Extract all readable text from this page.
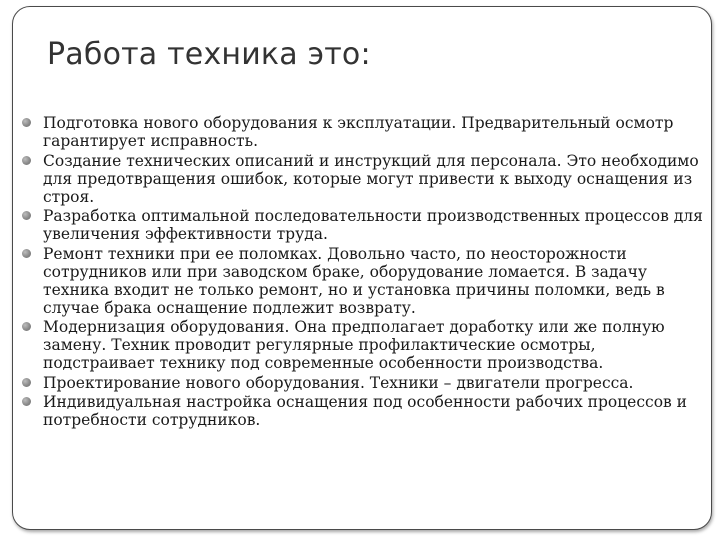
Работа техника это:
Подготовка нового оборудования к эксплуатации. Предварительный осмотр гарантирует исправность.
Создание технических описаний и инструкций для персонала. Это необходимо для предотвращения ошибок, которые могут привести к выходу оснащения из строя.
Разработка оптимальной последовательности производственных процессов для увеличения эффективности труда.
Ремонт техники при ее поломках. Довольно часто, по неосторожности сотрудников или при заводском браке, оборудование ломается. В задачу техника входит не только ремонт, но и установка причины поломки, ведь в случае брака оснащение подлежит возврату.
Модернизация оборудования. Она предполагает доработку или же полную замену. Техник проводит регулярные профилактические осмотры, подстраивает технику под современные особенности производства.
Проектирование нового оборудования. Техники – двигатели прогресса.
Индивидуальная настройка оснащения под особенности рабочих процессов и потребности сотрудников.
